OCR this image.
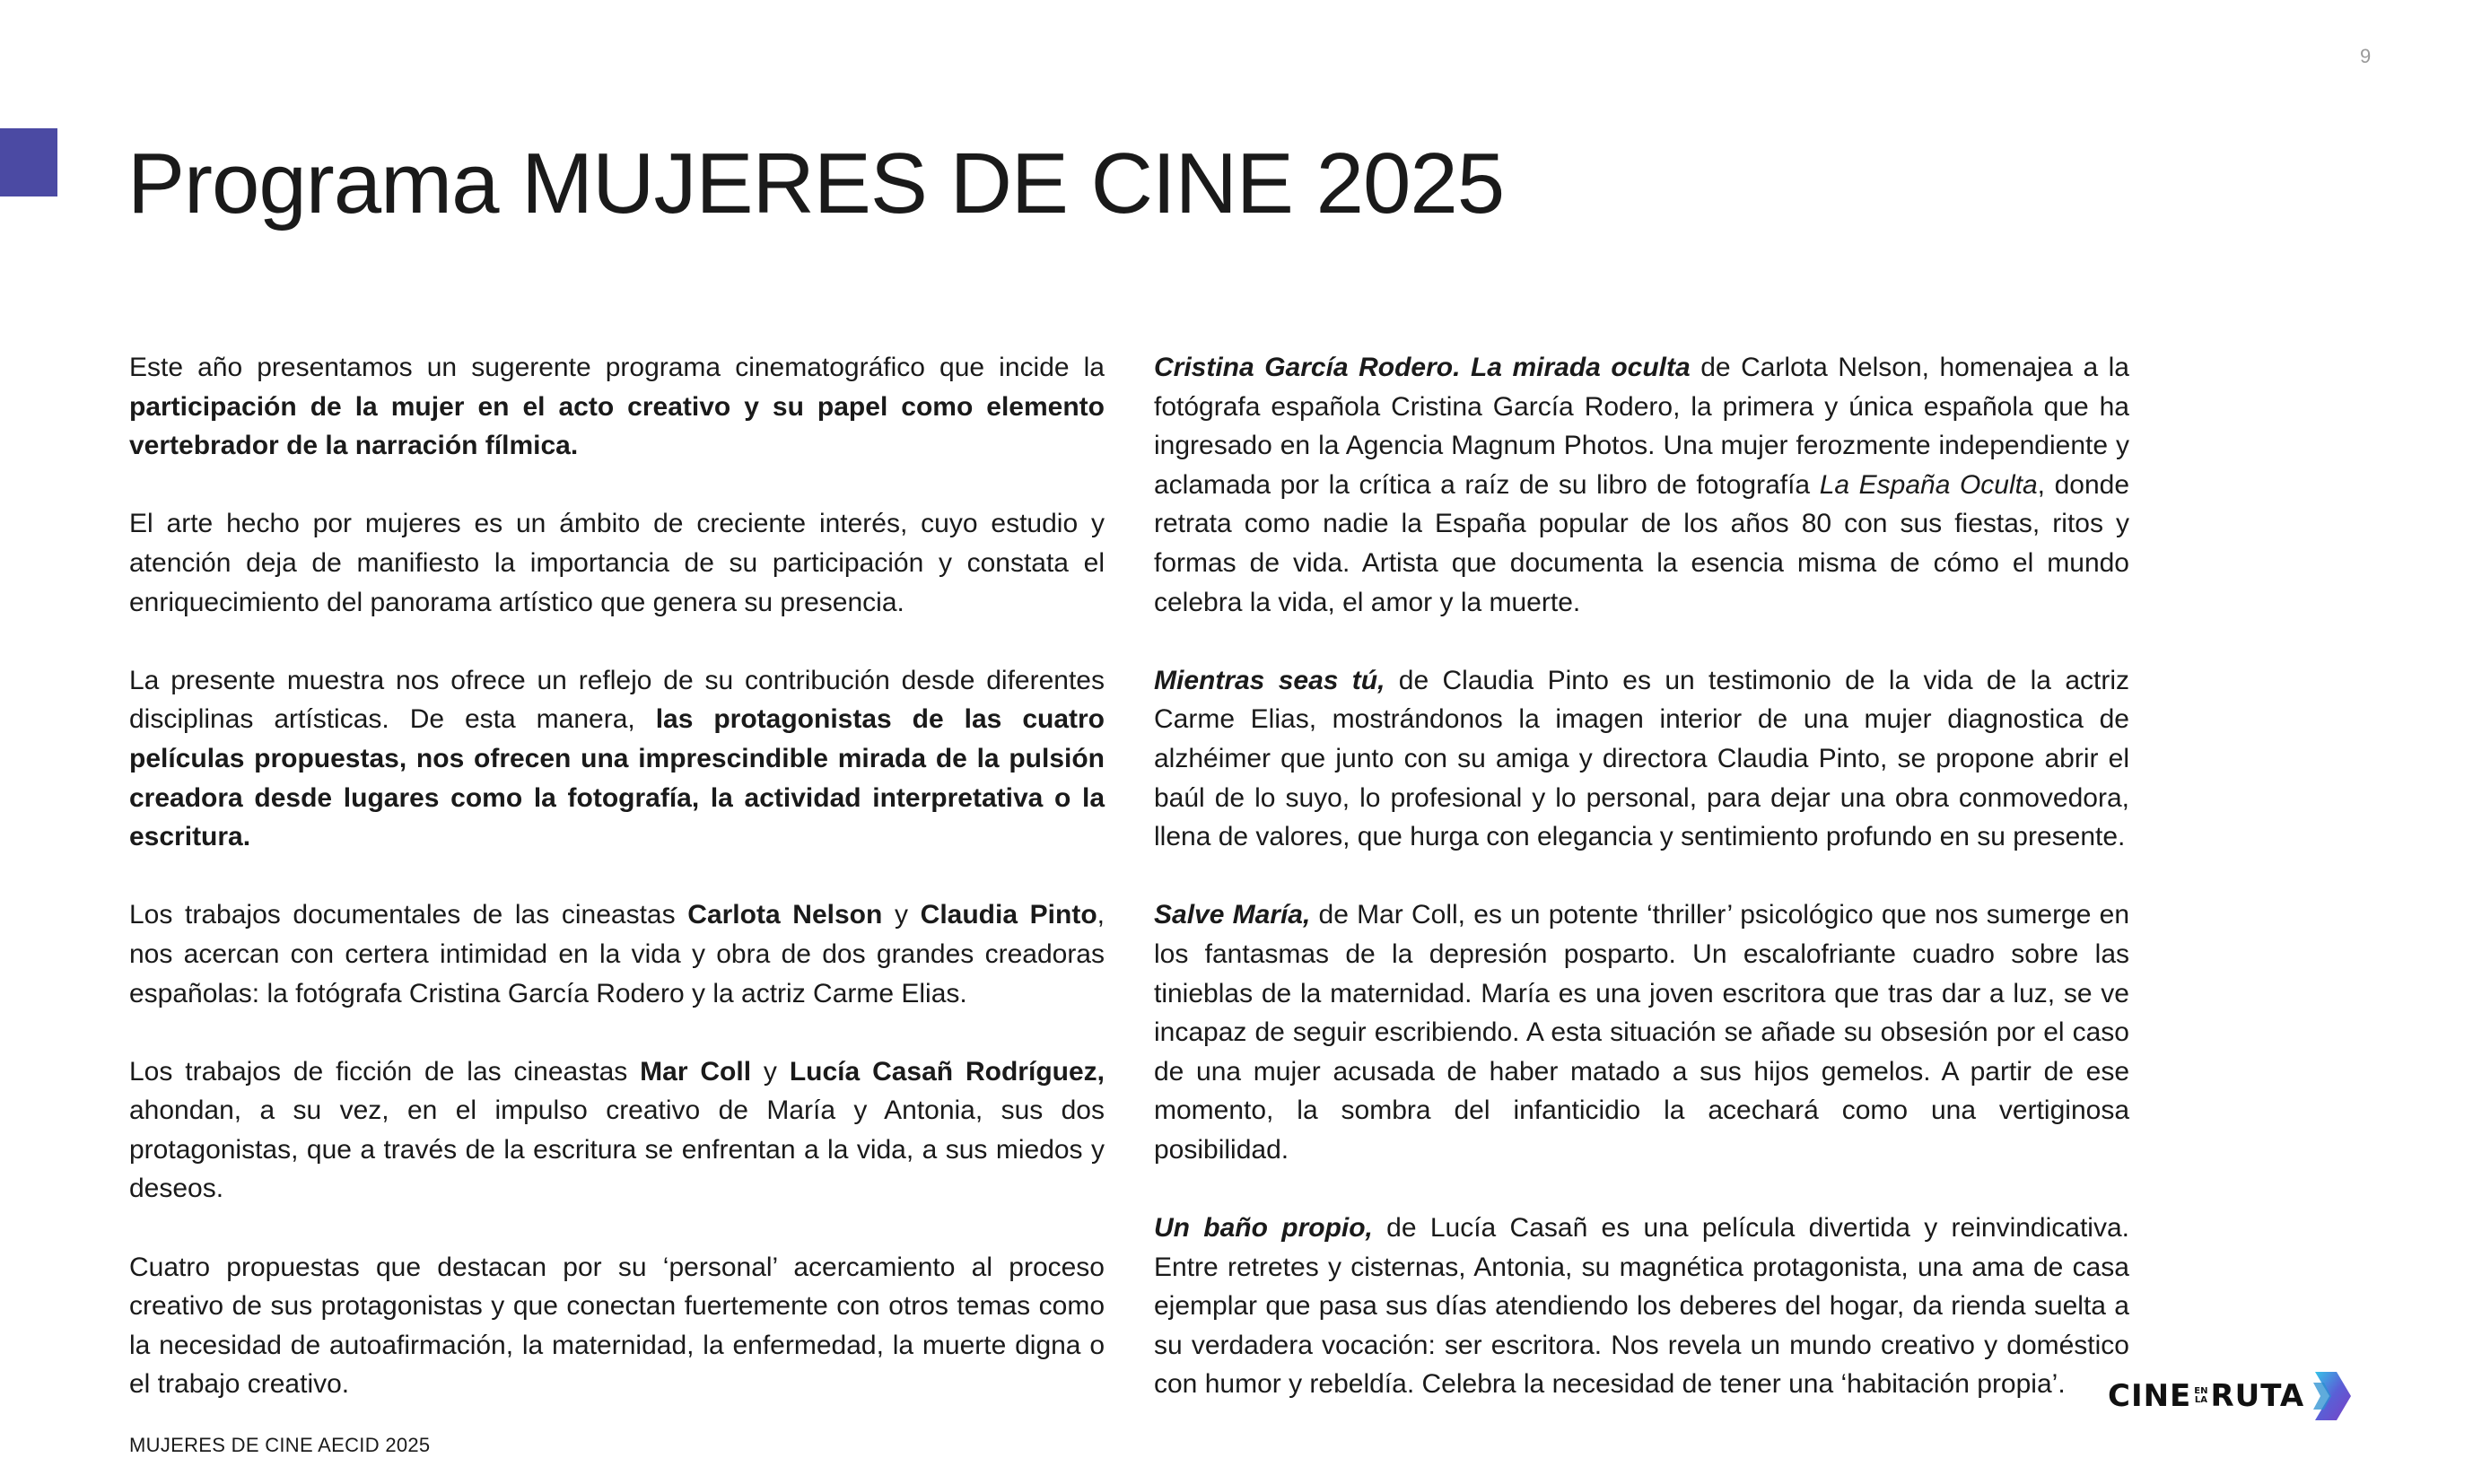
9
Programa MUJERES DE CINE 2025

Este año presentamos un sugerente programa cinematográfico que incide la participación de la mujer en el acto creativo y su papel como elemento vertebrador de la narración fílmica.

El arte hecho por mujeres es un ámbito de creciente interés, cuyo estudio y atención deja de manifiesto la importancia de su participación y constata el enriquecimiento del panorama artístico que genera su presencia.

La presente muestra nos ofrece un reflejo de su contribución desde diferentes disciplinas artísticas. De esta manera, las protagonistas de las cuatro películas propuestas, nos ofrecen una imprescindible mirada de la pulsión creadora desde lugares como la fotografía, la actividad interpretativa o la escritura.

Los trabajos documentales de las cineastas Carlota Nelson y Claudia Pinto, nos acercan con certera intimidad en la vida y obra de dos grandes creadoras españolas: la fotógrafa Cristina García Rodero y la actriz Carme Elias.

Los trabajos de ficción de las cineastas Mar Coll y Lucía Casañ Rodríguez, ahondan, a su vez, en el impulso creativo de María y Antonia, sus dos protagonistas, que a través de la escritura se enfrentan a la vida, a sus miedos y deseos.

Cuatro propuestas que destacan por su ‘personal’ acercamiento al proceso creativo de sus protagonistas y que conectan fuertemente con otros temas como la necesidad de autoafirmación, la maternidad, la enfermedad, la muerte digna o el trabajo creativo.

Cristina García Rodero. La mirada oculta de Carlota Nelson, homenajea a la fotógrafa española Cristina García Rodero, la primera y única española que ha ingresado en la Agencia Magnum Photos. Una mujer ferozmente independiente y aclamada por la crítica a raíz de su libro de fotografía La España Oculta, donde retrata como nadie la España popular de los años 80 con sus fiestas, ritos y formas de vida. Artista que documenta la esencia misma de cómo el mundo celebra la vida, el amor y la muerte.

Mientras seas tú, de Claudia Pinto es un testimonio de la vida de la actriz Carme Elias, mostrándonos la imagen interior de una mujer diagnostica de alzhéimer que junto con su amiga y directora Claudia Pinto, se propone abrir el baúl de lo suyo, lo profesional y lo personal, para dejar una obra conmovedora, llena de valores, que hurga con elegancia y sentimiento profundo en su presente.

Salve María, de Mar Coll, es un potente ‘thriller’ psicológico que nos sumerge en los fantasmas de la depresión posparto. Un escalofriante cuadro sobre las tinieblas de la maternidad. María es una joven escritora que tras dar a luz, se ve incapaz de seguir escribiendo. A esta situación se añade su obsesión por el caso de una mujer acusada de haber matado a sus hijos gemelos. A partir de ese momento, la sombra del infanticidio la acechará como una vertiginosa posibilidad.

Un baño propio, de Lucía Casañ es una película divertida y reinvindicativa. Entre retretes y cisternas, Antonia, su magnética protagonista, una ama de casa ejemplar que pasa sus días atendiendo los deberes del hogar, da rienda suelta a su verdadera vocación: ser escritora. Nos revela un mundo creativo y doméstico con humor y rebeldía. Celebra la necesidad de tener una ‘habitación propia’.

MUJERES DE CINE AECID 2025
CINE EN
LA RUTA
